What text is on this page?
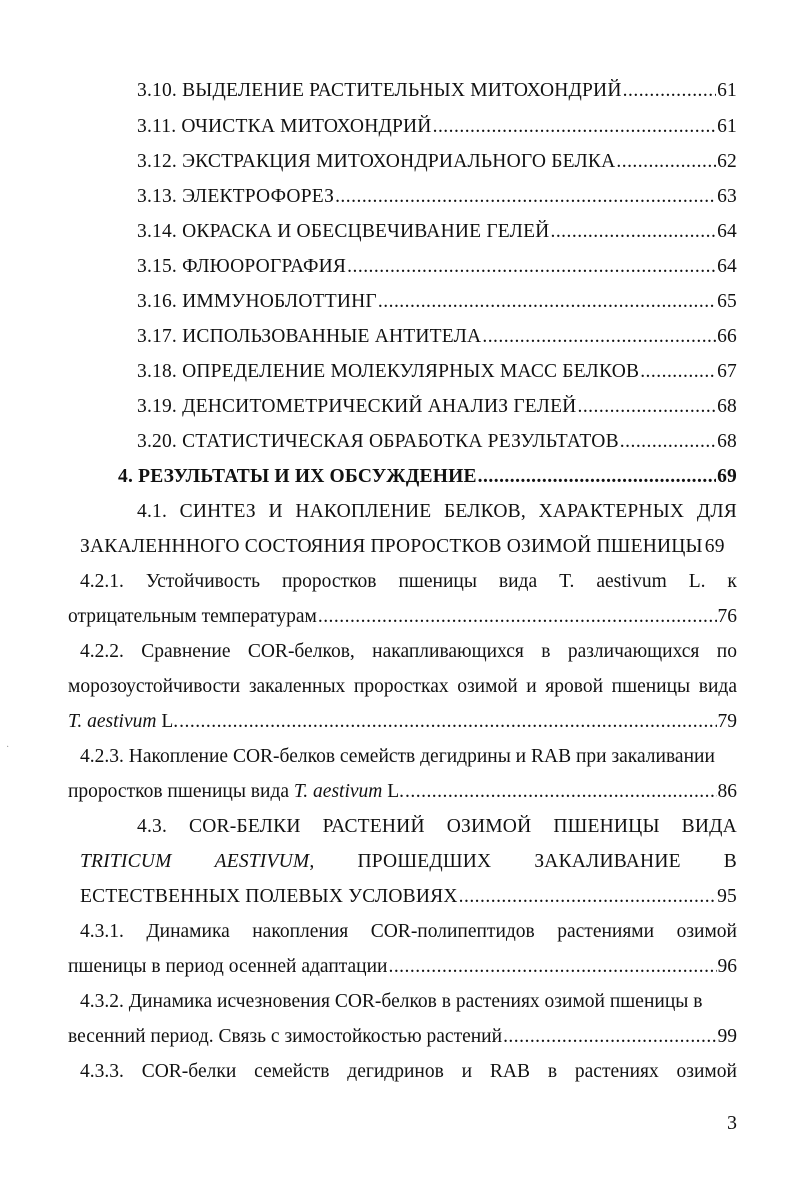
3.10. ВЫДЕЛЕНИЕ РАСТИТЕЛЬНЫХ МИТОХОНДРИЙ . . .	61
3.11. ОЧИСТКА МИТОХОНДРИЙ . . .	61
3.12. ЭКСТРАКЦИЯ МИТОХОНДРИАЛЬНОГО БЕЛКА . . .	62
3.13. ЭЛЕКТРОФОРЕЗ . . .	63
3.14. ОКРАСКА И ОБЕСЦВЕЧИВАНИЕ ГЕЛЕЙ . . .	64
3.15. ФЛЮОРОГРАФИЯ . . .	64
3.16. ИММУНОБЛОТТИНГ . . .	65
3.17. ИСПОЛЬЗОВАННЫЕ АНТИТЕЛА . . .	66
3.18. ОПРЕДЕЛЕНИЕ МОЛЕКУЛЯРНЫХ МАСС БЕЛКОВ . . .	67
3.19. ДЕНСИТОМЕТРИЧЕСКИЙ АНАЛИЗ ГЕЛЕЙ . . .	68
3.20. СТАТИСТИЧЕСКАЯ ОБРАБОТКА РЕЗУЛЬТАТОВ . . .	68
4. РЕЗУЛЬТАТЫ И ИХ ОБСУЖДЕНИЕ . . .	69
4.1. СИНТЕЗ И НАКОПЛЕНИЕ БЕЛКОВ, ХАРАКТЕРНЫХ ДЛЯ
ЗАКАЛЕНННОГО СОСТОЯНИЯ ПРОРОСТКОВ ОЗИМОЙ ПШЕНИЦЫ 69
4.2.1. Устойчивость проростков пшеницы вида T. aestivum L. к
отрицательным температурам . . .	76
4.2.2. Сравнение COR-белков, накапливающихся в различающихся по
морозоустойчивости закаленных проростках озимой и яровой пшеницы вида
T. aestivum L. . . .	79
4.2.3. Накопление COR-белков семейств дегидрины и RAB при закаливании
проростков пшеницы вида T. aestivum L. . . .	86
4.3. COR-БЕЛКИ РАСТЕНИЙ ОЗИМОЙ ПШЕНИЦЫ ВИДА
TRITICUM AESTIVUM, ПРОШЕДШИХ ЗАКАЛИВАНИЕ В
ЕСТЕСТВЕННЫХ ПОЛЕВЫХ УСЛОВИЯХ . . .	95
4.3.1. Динамика накопления COR-полипептидов растениями озимой
пшеницы в период осенней адаптации . . .	96
4.3.2. Динамика исчезновения COR-белков в растениях озимой пшеницы в
весенний период. Связь с зимостойкостью растений . . .	99
4.3.3. COR-белки семейств дегидринов и RAB в растениях озимой
·
3
